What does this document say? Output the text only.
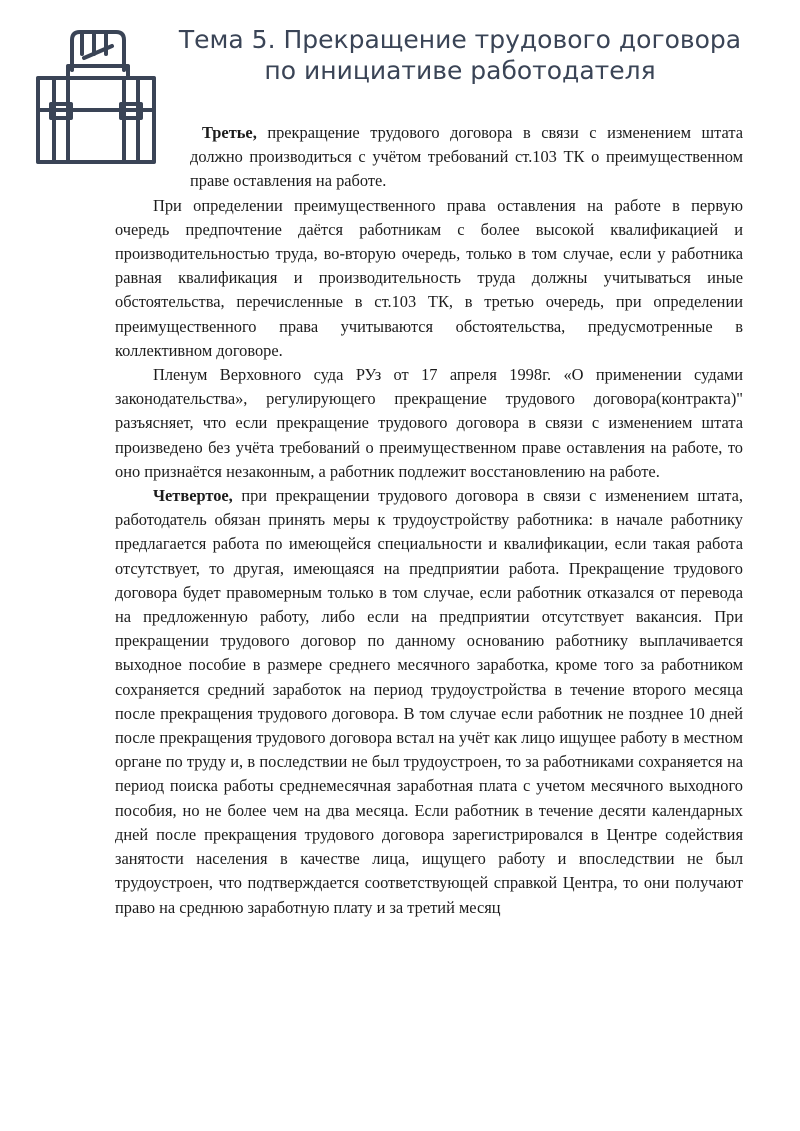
Тема 5. Прекращение трудового договора
по инициативе работодателя

Третье, прекращение трудового договора в связи с изменением штата должно производиться с учётом требований ст.103 ТК о преимущественном праве оставления на работе.

При определении преимущественного права оставления на работе в первую очередь предпочтение даётся работникам с более высокой квалификацией и производительностью труда, во-вторую очередь, только в том случае, если у работника равная квалификация и производительность труда должны учитываться иные обстоятельства, перечисленные в ст.103 ТК, в третью очередь, при определении преимущественного права учитываются обстоятельства, предусмотренные в коллективном договоре.

Пленум Верховного суда РУз от 17 апреля 1998г. «О применении судами законодательства», регулирующего прекращение трудового договора(контракта)" разъясняет, что если прекращение трудового договора в связи с изменением штата произведено без учёта требований о преимущественном праве оставления на работе, то оно признаётся незаконным, а работник подлежит восстановлению на работе.

Четвертое, при прекращении трудового договора в связи с изменением штата, работодатель обязан принять меры к трудоустройству работника: в начале работнику предлагается работа по имеющейся специальности и квалификации, если такая работа отсутствует, то другая, имеющаяся на предприятии работа. Прекращение трудового договора будет правомерным только в том случае, если работник отказался от перевода на предложенную работу, либо если на предприятии отсутствует вакансия. При прекращении трудового договор по данному основанию работнику выплачивается выходное пособие в размере среднего месячного заработка, кроме того за работником сохраняется средний заработок на период трудоустройства в течение второго месяца после прекращения трудового договора. В том случае если работник не позднее 10 дней после прекращения трудового договора встал на учёт как лицо ищущее работу в местном органе по труду и, в последствии не был трудоустроен, то за работниками сохраняется на период поиска работы среднемесячная заработная плата с учетом месячного выходного пособия, но не более чем на два месяца. Если работник в течение десяти календарных дней после прекращения трудового договора зарегистрировался в Центре содействия занятости населения в качестве лица, ищущего работу и впоследствии не был трудоустроен, что подтверждается соответствующей справкой Центра, то они получают право на среднюю заработную плату и за третий месяц
